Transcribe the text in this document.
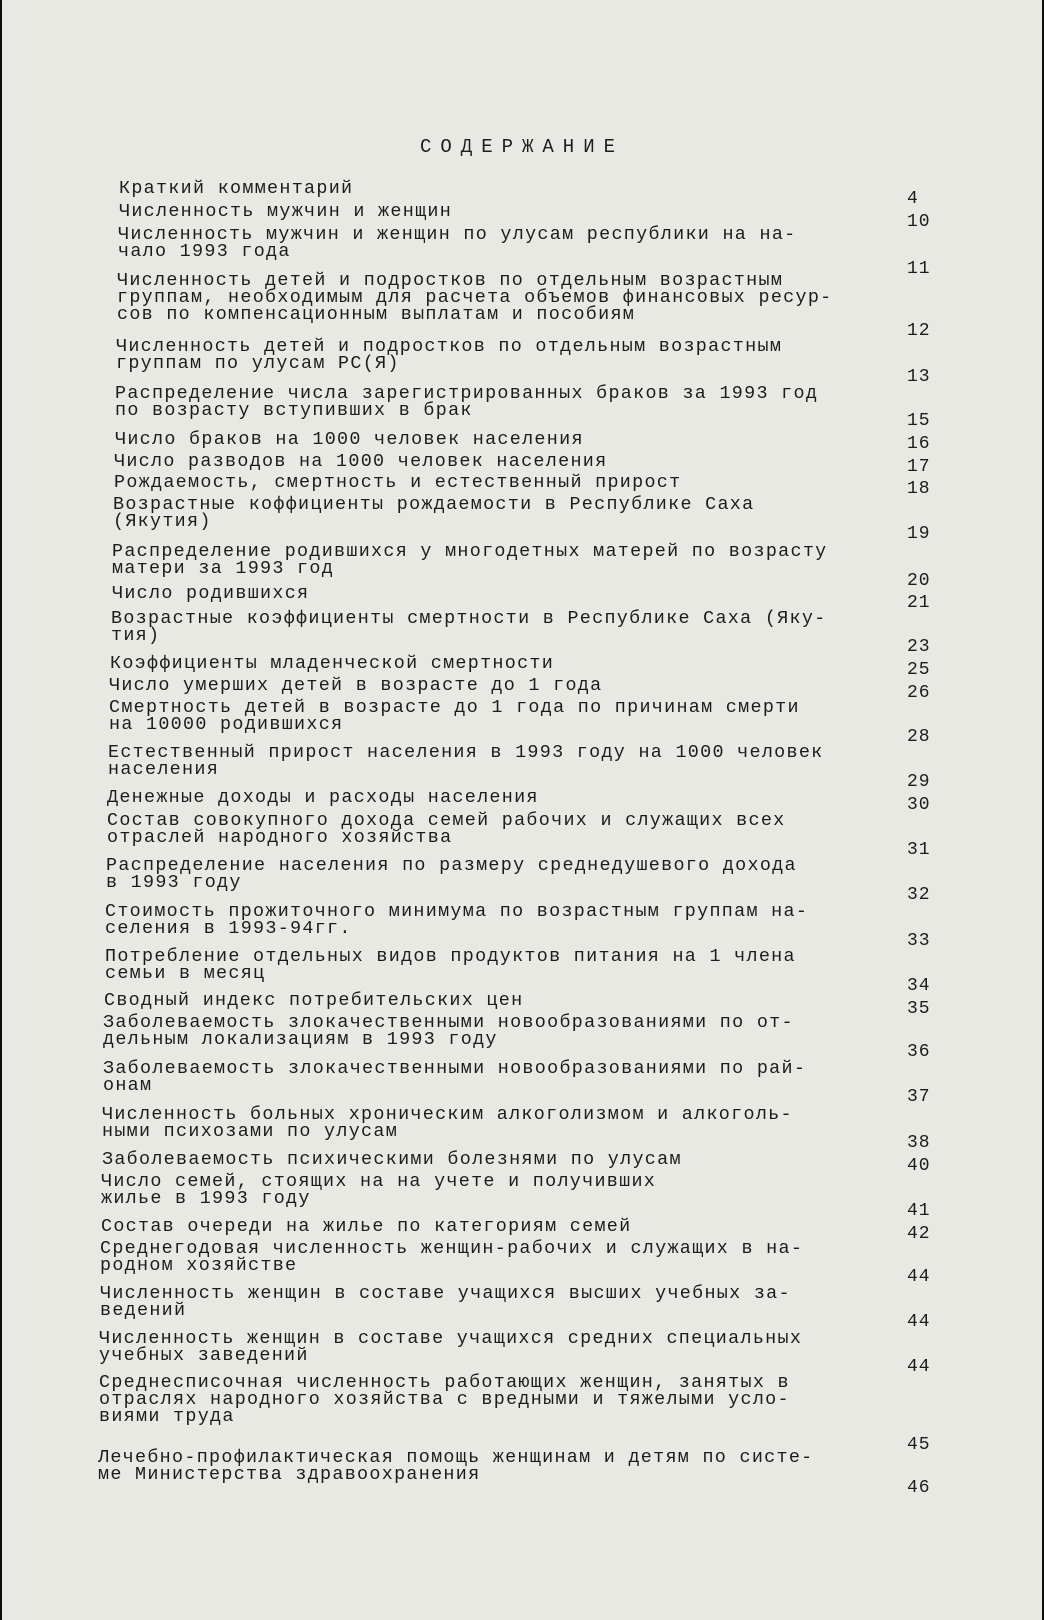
СОДЕРЖАНИЕ
Краткий комментарий	4
Численность мужчин и женщин	10
Численность мужчин и женщин по улусам республики на на-
чало 1993 года
11
Численность детей и подростков по отдельным возрастным
группам, необходимым для расчета объемов финансовых ресур-
сов по компенсационным выплатам и пособиям
12
Численность детей и подростков по отдельным возрастным
группам по улусам РС(Я)
13
Распределение числа зарегистрированных браков за 1993 год
по возрасту вступивших в брак	15
Число браков на 1000 человек населения	16
Число разводов на 1000 человек населения	17
Рождаемость, смертность и естественный прирост	18
Возрастные коффициенты рождаемости в Республике Саха
(Якутия)
19
Распределение родившихся у многодетных матерей по возрасту
матери за 1993 год
20
Число родившихся	21
Возрастные коэффициенты смертности в Республике Саха (Яку-
тия)
23
Коэффициенты младенческой смертности	25
Число умерших детей в возрасте до 1 года	26
Смертность детей в возрасте до 1 года по причинам смерти
на 10000 родившихся
28
Естественный прирост населения в 1993 году на 1000 человек
населения
29
Денежные доходы и расходы населения	30
Состав совокупного дохода семей рабочих и служащих всех
отраслей народного хозяйства
31
Распределение населения по размеру среднедушевого дохода
в 1993 году
32
Стоимость прожиточного минимума по возрастным группам на-
селения в 1993-94гг.
33
Потребление отдельных видов продуктов питания на 1 члена
семьи в месяц
34
Сводный индекс потребительских цен	35
Заболеваемость злокачественными новообразованиями по от-
дельным локализациям в 1993 году
36
Заболеваемость злокачественными новообразованиями по рай-
онам
37
Численность больных хроническим алкоголизмом и алкоголь-
ными психозами по улусам
38
Заболеваемость психическими болезнями по улусам	40
Число семей, стоящих на на учете и получивших
жилье в 1993 году
41
Состав очереди на жилье по категориям семей	42
Среднегодовая численность женщин-рабочих и служащих в на-
родном хозяйстве
44
Численность женщин в составе учащихся высших учебных за-
ведений
44
Численность женщин в составе учащихся средних специальных
учебных заведений
44
Среднесписочная численность работающих женщин, занятых в
отраслях народного хозяйства с вредными и тяжелыми усло-
виями труда
45
Лечебно-профилактическая помощь женщинам и детям по систе-
ме Министерства здравоохранения
46
